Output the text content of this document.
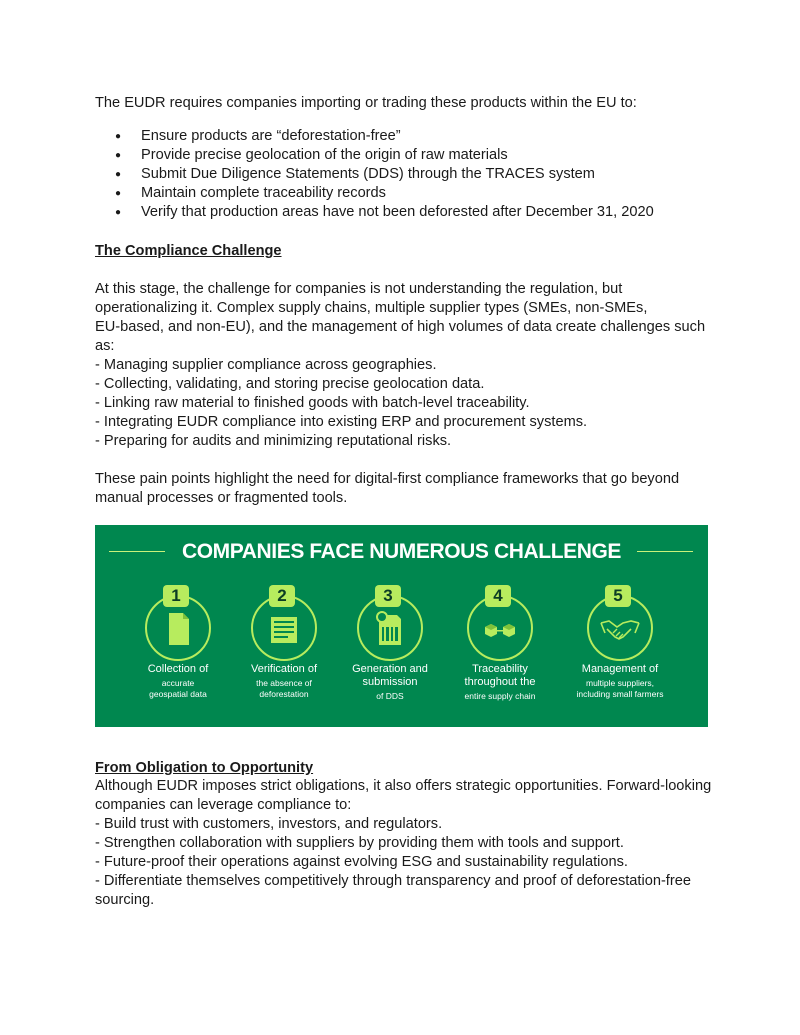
The EUDR requires companies importing or trading these products within the EU to:

● Ensure products are “deforestation-free”
● Provide precise geolocation of the origin of raw materials
● Submit Due Diligence Statements (DDS) through the TRACES system
● Maintain complete traceability records
● Verify that production areas have not been deforested after December 31, 2020

The Compliance Challenge

At this stage, the challenge for companies is not understanding the regulation, but
operationalizing it. Complex supply chains, multiple supplier types (SMEs, non-SMEs,
EU-based, and non-EU), and the management of high volumes of data create challenges such
as:
- Managing supplier compliance across geographies.
- Collecting, validating, and storing precise geolocation data.
- Linking raw material to finished goods with batch-level traceability.
- Integrating EUDR compliance into existing ERP and procurement systems.
- Preparing for audits and minimizing reputational risks.
These pain points highlight the need for digital-first compliance frameworks that go beyond
manual processes or fragmented tools.
COMPANIES FACE NUMEROUS CHALLENGE
1
Collection of
accurate
geospatial data
2
Verification of
the absence of
deforestation
3
Generation and
submission
of DDS
4
Traceability
throughout the
entire supply chain
5
Management of
multiple suppliers,
including small farmers

From Obligation to Opportunity

Although EUDR imposes strict obligations, it also offers strategic opportunities. Forward-looking
companies can leverage compliance to:
- Build trust with customers, investors, and regulators.
- Strengthen collaboration with suppliers by providing them with tools and support.
- Future-proof their operations against evolving ESG and sustainability regulations.
- Differentiate themselves competitively through transparency and proof of deforestation-free
sourcing.
